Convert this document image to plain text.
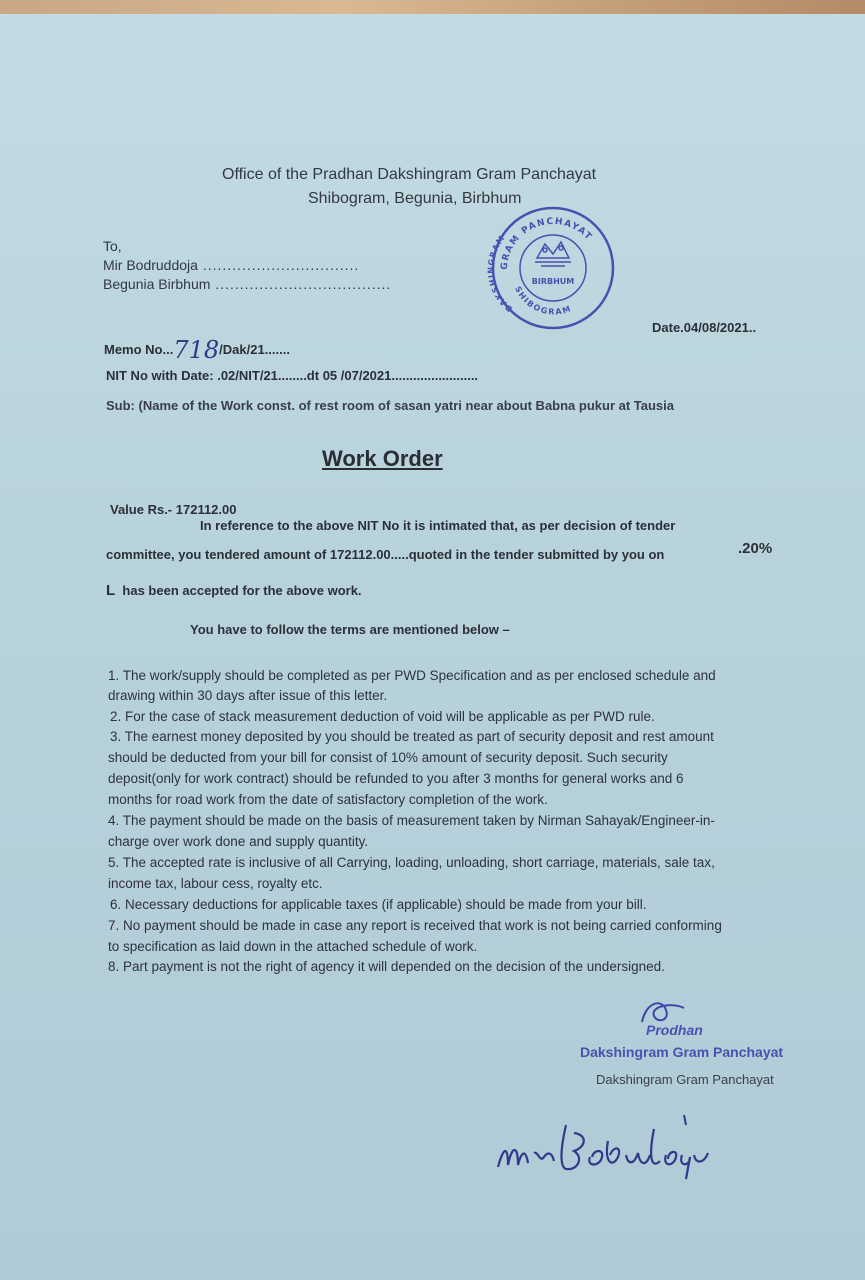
Office of the Pradhan Dakshingram Gram Panchayat
Shibogram, Begunia, Birbhum
GRAM PANCHAYAT
DAKSHINGRAM
SHIBOGRAM
BIRBHUM
To,
Mir Bodruddoja ................................
Begunia Birbhum ....................................
Memo No...718/Dak/21.......
Date.04/08/2021..
NIT No with Date: .02/NIT/21........dt 05 /07/2021........................
Sub: (Name of the Work const. of rest room of sasan yatri near about Babna pukur at Tausia
Work Order
Value Rs.- 172112.00
In reference to the above NIT No it is intimated that, as per decision of tender
committee, you tendered amount of 172112.00.....quoted in the tender submitted by you on	.20%
L has been accepted for the above work.
You have to follow the terms are mentioned below –
1. The work/supply should be completed as per PWD Specification and as per enclosed schedule and
drawing within 30 days after issue of this letter.
2. For the case of stack measurement deduction of void will be applicable as per PWD rule.
3. The earnest money deposited by you should be treated as part of security deposit and rest amount
should be deducted from your bill for consist of 10% amount of security deposit. Such security
deposit(only for work contract) should be refunded to you after 3 months for general works and 6
months for road work from the date of satisfactory completion of the work.
4. The payment should be made on the basis of measurement taken by Nirman Sahayak/Engineer-in-
charge over work done and supply quantity.
5. The accepted rate is inclusive of all Carrying, loading, unloading, short carriage, materials, sale tax,
income tax, labour cess, royalty etc.
6. Necessary deductions for applicable taxes (if applicable) should be made from your bill.
7. No payment should be made in case any report is received that work is not being carried conforming
to specification as laid down in the attached schedule of work.
8. Part payment is not the right of agency it will depended on the decision of the undersigned.
Prodhan
Dakshingram Gram Panchayat
Dakshingram Gram Panchayat
